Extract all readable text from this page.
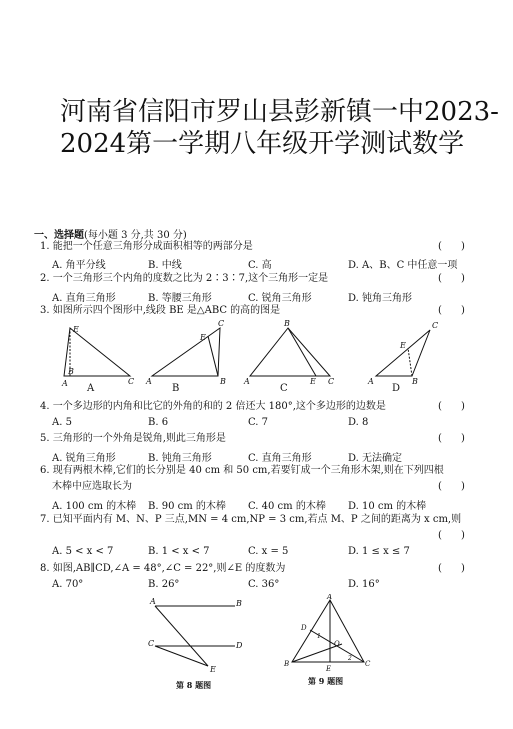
河南省信阳市罗山县彭新镇一中2023-
2024第一学期八年级开学测试数学
一、选择题(每小题 3 分,共 30 分)
1. 能把一个任意三角形分成面积相等的两部分是	(      )
A. 角平分线	B. 中线	C. 高	D. A、B、C 中任意一项
2. 一个三角形三个内角的度数之比为 2∶3∶7,这个三角形一定是	(      )
A. 直角三角形	B. 等腰三角形	C. 锐角三角形	D. 钝角三角形
3. 如图所示四个图形中,线段 BE 是△ABC 的高的图是	(      )
E
A
B
C
C
E
A	B
B
A	E C
C
E
A	B
A	B	C	D
4. 一个多边形的内角和比它的外角的和的 2 倍还大 180°,这个多边形的边数是	(      )
A. 5	B. 6	C. 7	D. 8
5. 三角形的一个外角是锐角,则此三角形是	(      )
A. 锐角三角形	B. 钝角三角形	C. 直角三角形	D. 无法确定
6. 现有两根木棒,它们的长分别是 40 cm 和 50 cm,若要钉成一个三角形木架,则在下列四根
木棒中应选取长为	(      )
A. 100 cm 的木棒 B. 90 cm 的木棒 C. 40 cm 的木棒 D. 10 cm 的木棒
7. 已知平面内有 M、N、P 三点,MN = 4 cm,NP = 3 cm,若点 M、P 之间的距离为 x cm,则
(      )
A. 5 < x < 7	B. 1 < x < 7	C. x = 5	D. 1 ≤ x ≤ 7
8. 如图,AB∥CD,∠A = 48°,∠C = 22°,则∠E 的度数为	(      )
A. 70°	B. 26°	C. 36°	D. 16°
A	B
C	D
E
第 8 题图
A
B	C
D
E
O
1
2
第 9 题图
